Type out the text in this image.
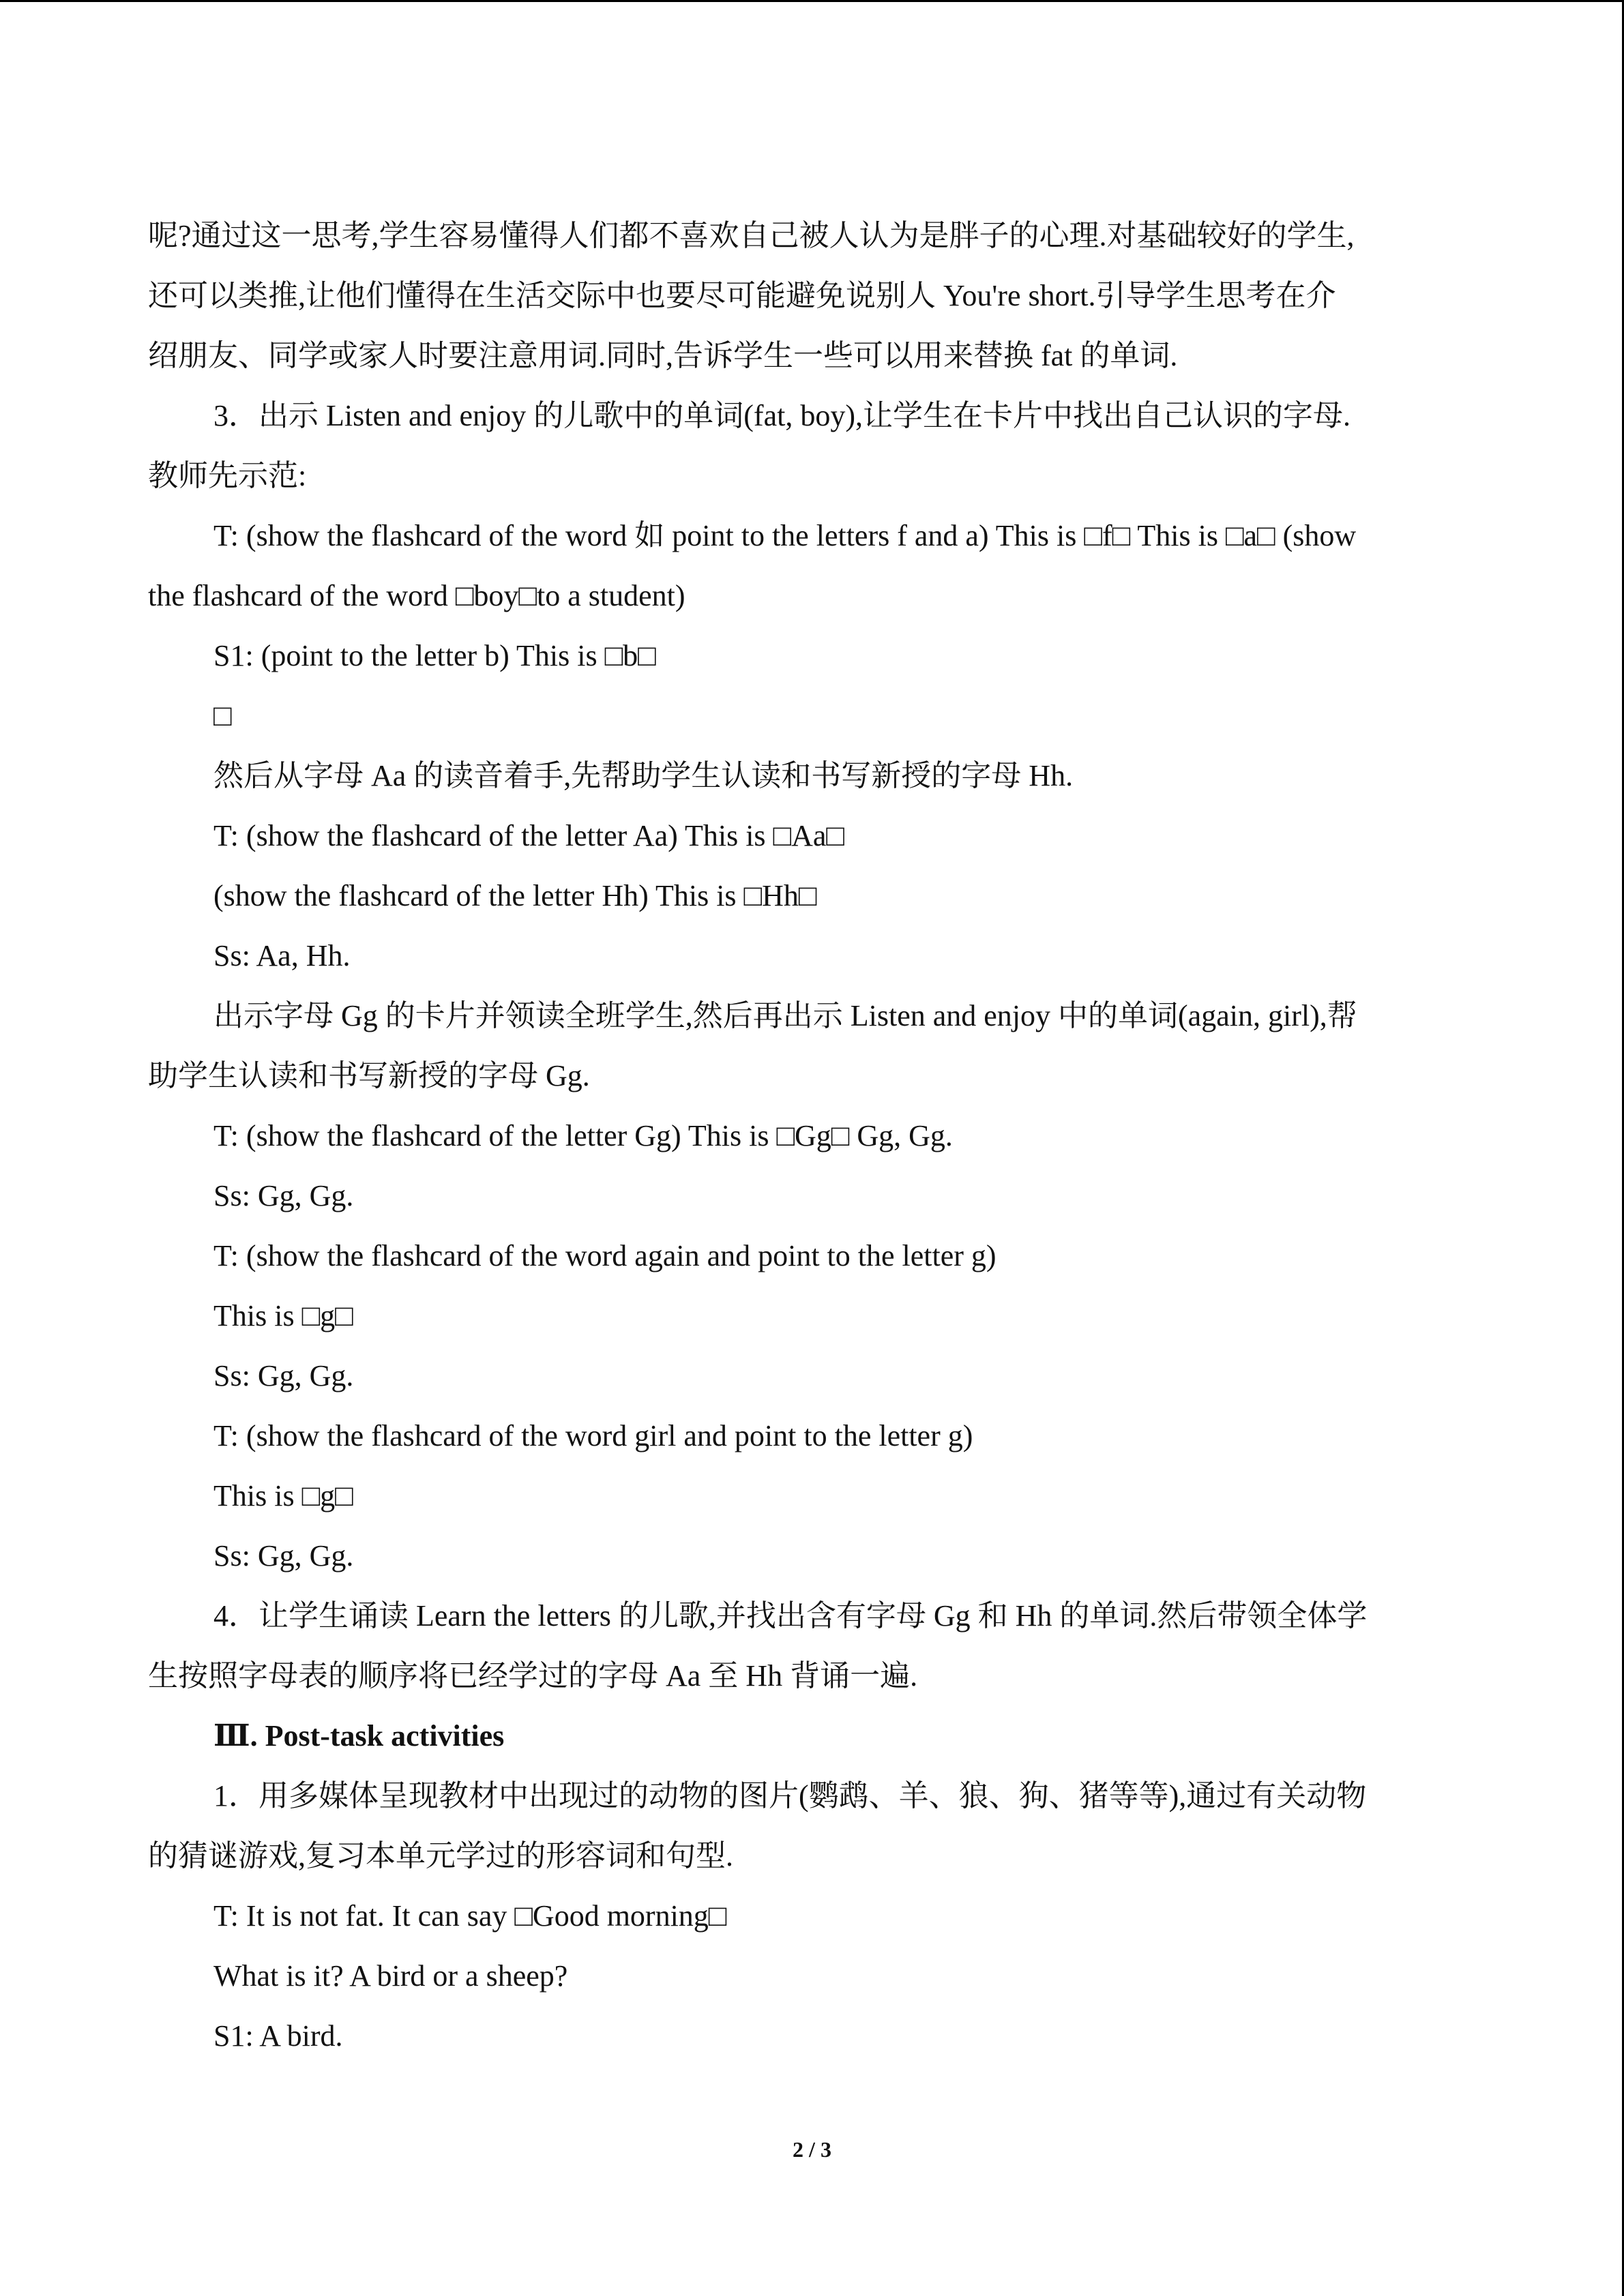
呢?通过这一思考,学生容易懂得人们都不喜欢自己被人认为是胖子的心理.对基础较好的学生,
还可以类推,让他们懂得在生活交际中也要尽可能避免说别人 You're short.引导学生思考在介
绍朋友、同学或家人时要注意用词.同时,告诉学生一些可以用来替换 fat 的单词.
3．出示 Listen and enjoy 的儿歌中的单词(fat, boy),让学生在卡片中找出自己认识的字母.
教师先示范:
T: (show the flashcard of the word 如 point to the letters f and a) This is □f□ This is □a□ (show
the flashcard of the word □boy□to a student)
S1: (point to the letter b) This is □b□
□
然后从字母 Aa 的读音着手,先帮助学生认读和书写新授的字母 Hh.
T: (show the flashcard of the letter Aa) This is □Aa□
(show the flashcard of the letter Hh) This is □Hh□
Ss: Aa, Hh.
出示字母 Gg 的卡片并领读全班学生,然后再出示 Listen and enjoy 中的单词(again, girl),帮
助学生认读和书写新授的字母 Gg.
T: (show the flashcard of the letter Gg) This is □Gg□ Gg, Gg.
Ss: Gg, Gg.
T: (show the flashcard of the word again and point to the letter g)
This is □g□
Ss: Gg, Gg.
T: (show the flashcard of the word girl and point to the letter g)
This is □g□
Ss: Gg, Gg.
4．让学生诵读 Learn the letters 的儿歌,并找出含有字母 Gg 和 Hh 的单词.然后带领全体学
生按照字母表的顺序将已经学过的字母 Aa 至 Hh 背诵一遍.
Ⅲ. Post-task activities
1．用多媒体呈现教材中出现过的动物的图片(鹦鹉、羊、狼、狗、猪等等),通过有关动物
的猜谜游戏,复习本单元学过的形容词和句型.
T: It is not fat. It can say □Good morning□
What is it? A bird or a sheep?
S1: A bird.
2 / 3
